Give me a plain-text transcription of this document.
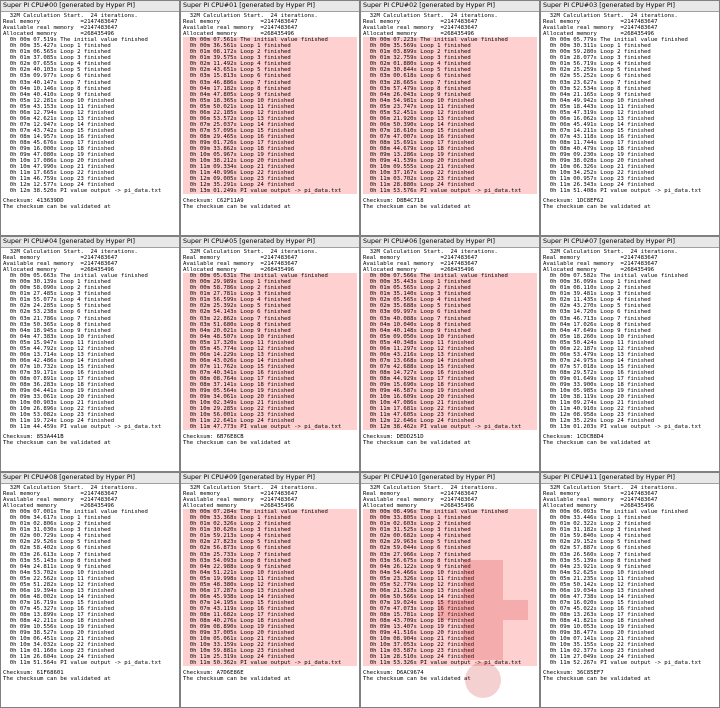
Super PI CPU#00 [generated by Hyper PI]
32M Calculation Start.  24 iterations.
Real memory            =2147483647
Available real memory  =2147483647
Allocated memory       =268435496
0h 00m 07.519s The initial value finished
0h 00m 35.427s Loop 1 finished
0h 01m 06.565s Loop 2 finished
0h 01m 37.085s Loop 3 finished
0h 02m 07.655s Loop 4 finished
0h 02m 40.103s Loop 5 finished
0h 03m 09.977s Loop 6 finished
0h 03m 40.147s Loop 7 finished
0h 04m 10.146s Loop 8 finished
0h 04m 40.410s Loop 9 finished
0h 05m 12.281s Loop 10 finished
0h 05m 43.153s Loop 11 finished
0h 06m 12.794s Loop 12 finished
0h 06m 42.621s Loop 13 finished
0h 07m 12.947s Loop 14 finished
0h 07m 43.742s Loop 15 finished
0h 08m 14.957s Loop 16 finished
0h 08m 45.676s Loop 17 finished
0h 09m 16.000s Loop 18 finished
0h 09m 47.080s Loop 19 finished
0h 10m 17.086s Loop 20 finished
0h 10m 47.990s Loop 21 finished
0h 11m 17.665s Loop 22 finished
0h 11m 46.759s Loop 23 finished
0h 12m 12.577s Loop 24 finished
0h 12m 38.520s PI value output -> pi_data.txt
Checksum: 413639DD
The checksum can be validated at
Super PI CPU#01 [generated by Hyper PI]
32M Calculation Start.  24 iterations.
Real memory            =2147483647
Available real memory  =2147483647
Allocated memory       =268435496
0h 00m 07.561s The initial value finished
0h 00m 36.561s Loop 1 finished
0h 01m 08.172s Loop 2 finished
0h 01m 39.575s Loop 3 finished
0h 02m 11.492s Loop 4 finished
0h 02m 43.651s Loop 5 finished
0h 03m 15.813s Loop 6 finished
0h 03m 46.886s Loop 7 finished
0h 04m 17.182s Loop 8 finished
0h 04m 47.805s Loop 9 finished
0h 05m 18.365s Loop 10 finished
0h 05m 50.021s Loop 11 finished
0h 06m 22.185s Loop 12 finished
0h 06m 53.572s Loop 13 finished
0h 07m 25.037s Loop 14 finished
0h 07m 57.095s Loop 15 finished
0h 08m 29.465s Loop 16 finished
0h 09m 01.726s Loop 17 finished
0h 09m 33.862s Loop 18 finished
0h 10m 05.967s Loop 19 finished
0h 10m 38.212s Loop 20 finished
0h 11m 09.334s Loop 21 finished
0h 11m 40.996s Loop 22 finished
0h 12m 09.005s Loop 23 finished
0h 12m 35.291s Loop 24 finished
0h 13m 01.249s PI value output -> pi_data.txt
Checksum: C62F11A9
The checksum can be validated at
Super PI CPU#02 [generated by Hyper PI]
32M Calculation Start.  24 iterations.
Real memory            =2147483647
Available real memory  =2147483647
Allocated memory       =268435496
0h 00m 07.223s The initial value finished
0h 00m 35.569s Loop 1 finished
0h 01m 03.899s Loop 2 finished
0h 01m 32.759s Loop 3 finished
0h 02m 01.880s Loop 4 finished
0h 02m 30.844s Loop 5 finished
0h 03m 00.618s Loop 6 finished
0h 03m 28.665s Loop 7 finished
0h 03m 57.479s Loop 8 finished
0h 04m 26.043s Loop 9 finished
0h 04m 54.981s Loop 10 finished
0h 05m 23.747s Loop 11 finished
0h 05m 52.451s Loop 12 finished
0h 06m 21.920s Loop 13 finished
0h 06m 50.390s Loop 14 finished
0h 07m 18.610s Loop 15 finished
0h 07m 47.007s Loop 16 finished
0h 08m 15.691s Loop 17 finished
0h 08m 44.679s Loop 18 finished
0h 09m 13.286s Loop 19 finished
0h 09m 41.539s Loop 20 finished
0h 10m 09.555s Loop 21 finished
0h 10m 37.167s Loop 22 finished
0h 11m 03.702s Loop 23 finished
0h 11m 28.880s Loop 24 finished
0h 11m 53.576s PI value output -> pi_data.txt
Checksum: D8B4C718
The checksum can be validated at
Super PI CPU#03 [generated by Hyper PI]
32M Calculation Start.  24 iterations.
Real memory            =2147483647
Available real memory  =2147483647
Allocated memory       =268435496
0h 00m 05.779s The initial value finished
0h 00m 30.311s Loop 1 finished
0h 00m 59.280s Loop 2 finished
0h 01m 28.077s Loop 3 finished
0h 01m 56.719s Loop 4 finished
0h 02m 25.259s Loop 5 finished
0h 02m 55.252s Loop 6 finished
0h 03m 23.627s Loop 7 finished
0h 03m 52.534s Loop 8 finished
0h 04m 21.165s Loop 9 finished
0h 04m 49.942s Loop 10 finished
0h 05m 18.443s Loop 11 finished
0h 05m 47.319s Loop 12 finished
0h 06m 16.062s Loop 13 finished
0h 06m 45.491s Loop 14 finished
0h 07m 14.211s Loop 15 finished
0h 07m 43.118s Loop 16 finished
0h 08m 11.744s Loop 17 finished
0h 08m 40.479s Loop 18 finished
0h 09m 09.230s Loop 19 finished
0h 09m 38.028s Loop 20 finished
0h 10m 06.326s Loop 21 finished
0h 10m 34.252s Loop 22 finished
0h 11m 00.957s Loop 23 finished
0h 11m 26.343s Loop 24 finished
0h 11m 51.408s PI value output -> pi_data.txt
Checksum: 1DC8EF62
The checksum can be validated at
Super PI CPU#04 [generated by Hyper PI]
32M Calculation Start.  24 iterations.
Real memory            =2147483647
Available real memory  =2147483647
Allocated memory       =268435496
0h 00m 05.663s The initial value finished
0h 00m 30.139s Loop 1 finished
0h 00m 58.090s Loop 2 finished
0h 01m 27.485s Loop 3 finished
0h 01m 55.077s Loop 4 finished
0h 02m 24.285s Loop 5 finished
0h 02m 53.238s Loop 6 finished
0h 03m 21.786s Loop 7 finished
0h 03m 50.365s Loop 8 finished
0h 04m 18.945s Loop 9 finished
0h 04m 47.383s Loop 10 finished
0h 05m 15.947s Loop 11 finished
0h 05m 44.792s Loop 12 finished
0h 06m 13.714s Loop 13 finished
0h 06m 42.486s Loop 14 finished
0h 07m 10.732s Loop 15 finished
0h 07m 39.171s Loop 16 finished
0h 08m 07.891s Loop 17 finished
0h 08m 36.283s Loop 18 finished
0h 09m 04.441s Loop 19 finished
0h 09m 33.061s Loop 20 finished
0h 10m 00.903s Loop 21 finished
0h 10m 26.896s Loop 22 finished
0h 10m 53.082s Loop 23 finished
0h 11m 19.724s Loop 24 finished
0h 11m 44.459s PI value output -> pi_data.txt
Checksum: 853A441B
The checksum can be validated at
Super PI CPU#05 [generated by Hyper PI]
32M Calculation Start.  24 iterations.
Real memory            =2147483647
Available real memory  =2147483647
Allocated memory       =268435496
0h 00m 05.631s The initial value finished
0h 00m 29.989s Loop 1 finished
0h 00m 58.786s Loop 2 finished
0h 01m 27.781s Loop 3 finished
0h 01m 56.599s Loop 4 finished
0h 02m 25.392s Loop 5 finished
0h 02m 54.143s Loop 6 finished
0h 03m 22.862s Loop 7 finished
0h 03m 51.680s Loop 8 finished
0h 04m 20.021s Loop 9 finished
0h 04m 48.507s Loop 10 finished
0h 05m 17.320s Loop 11 finished
0h 05m 45.774s Loop 12 finished
0h 06m 14.229s Loop 13 finished
0h 06m 43.026s Loop 14 finished
0h 07m 11.762s Loop 15 finished
0h 07m 40.341s Loop 16 finished
0h 08m 08.764s Loop 17 finished
0h 08m 37.141s Loop 18 finished
0h 09m 05.564s Loop 19 finished
0h 09m 34.061s Loop 20 finished
0h 10m 02.349s Loop 21 finished
0h 10m 29.285s Loop 22 finished
0h 10m 56.001s Loop 23 finished
0h 11m 22.641s Loop 24 finished
0h 11m 47.773s PI value output -> pi_data.txt
Checksum: 6B76E8CB
The checksum can be validated at
Super PI CPU#06 [generated by Hyper PI]
32M Calculation Start.  24 iterations.
Real memory            =2147483647
Available real memory  =2147483647
Allocated memory       =268435496
0h 00m 07.566s The initial value finished
0h 00m 35.443s Loop 1 finished
0h 01m 05.565s Loop 2 finished
0h 01m 35.140s Loop 3 finished
0h 02m 05.565s Loop 4 finished
0h 02m 35.688s Loop 5 finished
0h 03m 09.997s Loop 6 finished
0h 03m 40.088s Loop 7 finished
0h 04m 10.040s Loop 8 finished
0h 04m 40.148s Loop 9 finished
0h 05m 09.050s Loop 10 finished
0h 05m 40.348s Loop 11 finished
0h 06m 11.297s Loop 12 finished
0h 06m 43.216s Loop 13 finished
0h 07m 13.668s Loop 14 finished
0h 07m 42.688s Loop 15 finished
0h 08m 14.727s Loop 16 finished
0h 08m 44.929s Loop 17 finished
0h 09m 15.690s Loop 18 finished
0h 09m 46.587s Loop 19 finished
0h 10m 16.609s Loop 20 finished
0h 10m 47.086s Loop 21 finished
0h 11m 17.681s Loop 22 finished
0h 11m 47.605s Loop 23 finished
0h 12m 12.646s Loop 24 finished
0h 12m 38.462s PI value output -> pi_data.txt
Checksum: DEDD251D
The checksum can be validated at
Super PI CPU#07 [generated by Hyper PI]
32M Calculation Start.  24 iterations.
Real memory            =2147483647
Available real memory  =2147483647
Allocated memory       =268435496
0h 00m 07.582s The initial value finished
0h 00m 36.099s Loop 1 finished
0h 01m 08.110s Loop 2 finished
0h 01m 39.481s Loop 3 finished
0h 02m 11.435s Loop 4 finished
0h 02m 43.270s Loop 5 finished
0h 03m 14.720s Loop 6 finished
0h 03m 46.713s Loop 7 finished
0h 04m 17.026s Loop 8 finished
0h 04m 47.649s Loop 9 finished
0h 05m 18.260s Loop 10 finished
0h 05m 50.424s Loop 11 finished
0h 06m 22.187s Loop 12 finished
0h 06m 53.479s Loop 13 finished
0h 07m 24.975s Loop 14 finished
0h 07m 57.018s Loop 15 finished
0h 08m 29.572s Loop 16 finished
0h 09m 01.649s Loop 17 finished
0h 09m 33.900s Loop 18 finished
0h 10m 05.985s Loop 19 finished
0h 10m 38.119s Loop 20 finished
0h 11m 09.274s Loop 21 finished
0h 11m 40.910s Loop 22 finished
0h 12m 08.958s Loop 23 finished
0h 12m 35.229s Loop 24 finished
0h 13m 01.203s PI value output -> pi_data.txt
Checksum: 1CDCB8D4
The checksum can be validated at
Super PI CPU#08 [generated by Hyper PI]
32M Calculation Start.  24 iterations.
Real memory            =2147483647
Available real memory  =2147483647
Allocated memory       =268435496
0h 00m 07.001s The initial value finished
0h 00m 34.617s Loop 1 finished
0h 01m 02.806s Loop 2 finished
0h 01m 31.030s Loop 3 finished
0h 02m 00.729s Loop 4 finished
0h 02m 29.526s Loop 5 finished
0h 02m 58.402s Loop 6 finished
0h 03m 26.613s Loop 7 finished
0h 03m 55.143s Loop 8 finished
0h 04m 24.811s Loop 9 finished
0h 04m 53.702s Loop 10 finished
0h 05m 22.562s Loop 11 finished
0h 05m 51.282s Loop 12 finished
0h 06m 19.394s Loop 13 finished
0h 06m 48.002s Loop 14 finished
0h 07m 16.719s Loop 15 finished
0h 07m 45.327s Loop 16 finished
0h 08m 13.899s Loop 17 finished
0h 08m 42.211s Loop 18 finished
0h 09m 10.556s Loop 19 finished
0h 09m 38.527s Loop 20 finished
0h 10m 06.451s Loop 21 finished
0h 10m 34.032s Loop 22 finished
0h 11m 01.160s Loop 23 finished
0h 11m 26.604s Loop 24 finished
0h 11m 51.564s PI value output -> pi_data.txt
Checksum: 61F68601
The checksum can be validated at
Super PI CPU#09 [generated by Hyper PI]
32M Calculation Start.  24 iterations.
Real memory            =2147483647
Available real memory  =2147483647
Allocated memory       =268435496
0h 00m 07.284s The initial value finished
0h 00m 33.368s Loop 1 finished
0h 01m 02.326s Loop 2 finished
0h 01m 30.620s Loop 3 finished
0h 01m 59.213s Loop 4 finished
0h 02m 27.823s Loop 5 finished
0h 02m 56.873s Loop 6 finished
0h 03m 25.733s Loop 7 finished
0h 03m 54.093s Loop 8 finished
0h 04m 22.988s Loop 9 finished
0h 04m 51.221s Loop 10 finished
0h 05m 19.998s Loop 11 finished
0h 05m 48.380s Loop 12 finished
0h 06m 17.287s Loop 13 finished
0h 06m 45.938s Loop 14 finished
0h 07m 14.195s Loop 15 finished
0h 07m 43.119s Loop 16 finished
0h 08m 11.682s Loop 17 finished
0h 08m 40.276s Loop 18 finished
0h 09m 08.890s Loop 19 finished
0h 09m 37.005s Loop 20 finished
0h 10m 05.061s Loop 21 finished
0h 10m 33.159s Loop 22 finished
0h 10m 59.881s Loop 23 finished
0h 11m 25.319s Loop 24 finished
0h 11m 50.362s PI value output -> pi_data.txt
Checksum: A7D6E86E
The checksum can be validated at
Super PI CPU#10 [generated by Hyper PI]
32M Calculation Start.  24 iterations.
Real memory            =2147483647
Available real memory  =2147483647
Allocated memory       =268435496
0h 00m 08.496s The initial value finished
0h 00m 33.805s Loop 1 finished
0h 01m 02.603s Loop 2 finished
0h 01m 31.525s Loop 3 finished
0h 02m 00.682s Loop 4 finished
0h 02m 29.963s Loop 5 finished
0h 02m 59.044s Loop 6 finished
0h 03m 27.966s Loop 7 finished
0h 03m 56.675s Loop 8 finished
0h 04m 26.122s Loop 9 finished
0h 04m 54.466s Loop 10 finished
0h 05m 23.326s Loop 11 finished
0h 05m 52.779s Loop 12 finished
0h 06m 21.528s Loop 13 finished
0h 06m 50.566s Loop 14 finished
0h 07m 19.024s Loop 15 finished
0h 07m 47.073s Loop 16 finished
0h 08m 15.781s Loop 17 finished
0h 08m 43.709s Loop 18 finished
0h 09m 13.407s Loop 19 finished
0h 09m 41.516s Loop 20 finished
0h 10m 08.904s Loop 21 finished
0h 10m 37.053s Loop 22 finished
0h 11m 03.587s Loop 23 finished
0h 11m 28.510s Loop 24 finished
0h 11m 53.326s PI value output -> pi_data.txt
Checksum: D6AC9674
The checksum can be validated at
Super PI CPU#11 [generated by Hyper PI]
32M Calculation Start.  24 iterations.
Real memory            =2147483647
Available real memory  =2147483647
Allocated memory       =268435496
0h 00m 06.093s The initial value finished
0h 00m 33.446s Loop 1 finished
0h 01m 02.322s Loop 2 finished
0h 01m 31.182s Loop 3 finished
0h 01m 59.840s Loop 4 finished
0h 02m 29.152s Loop 5 finished
0h 02m 57.887s Loop 6 finished
0h 03m 26.560s Loop 7 finished
0h 03m 55.139s Loop 8 finished
0h 04m 23.921s Loop 9 finished
0h 04m 52.625s Loop 10 finished
0h 05m 21.235s Loop 11 finished
0h 05m 50.142s Loop 12 finished
0h 06m 19.034s Loop 13 finished
0h 06m 47.738s Loop 14 finished
0h 07m 16.020s Loop 15 finished
0h 07m 45.022s Loop 16 finished
0h 08m 13.263s Loop 17 finished
0h 08m 41.821s Loop 18 finished
0h 09m 10.053s Loop 19 finished
0h 09m 38.477s Loop 20 finished
0h 10m 07.141s Loop 21 finished
0h 10m 35.155s Loop 22 finished
0h 11m 02.377s Loop 23 finished
0h 11m 27.049s Loop 24 finished
0h 11m 52.267s PI value output -> pi_data.txt
Checksum: 36C85EF7
The checksum can be validated at
